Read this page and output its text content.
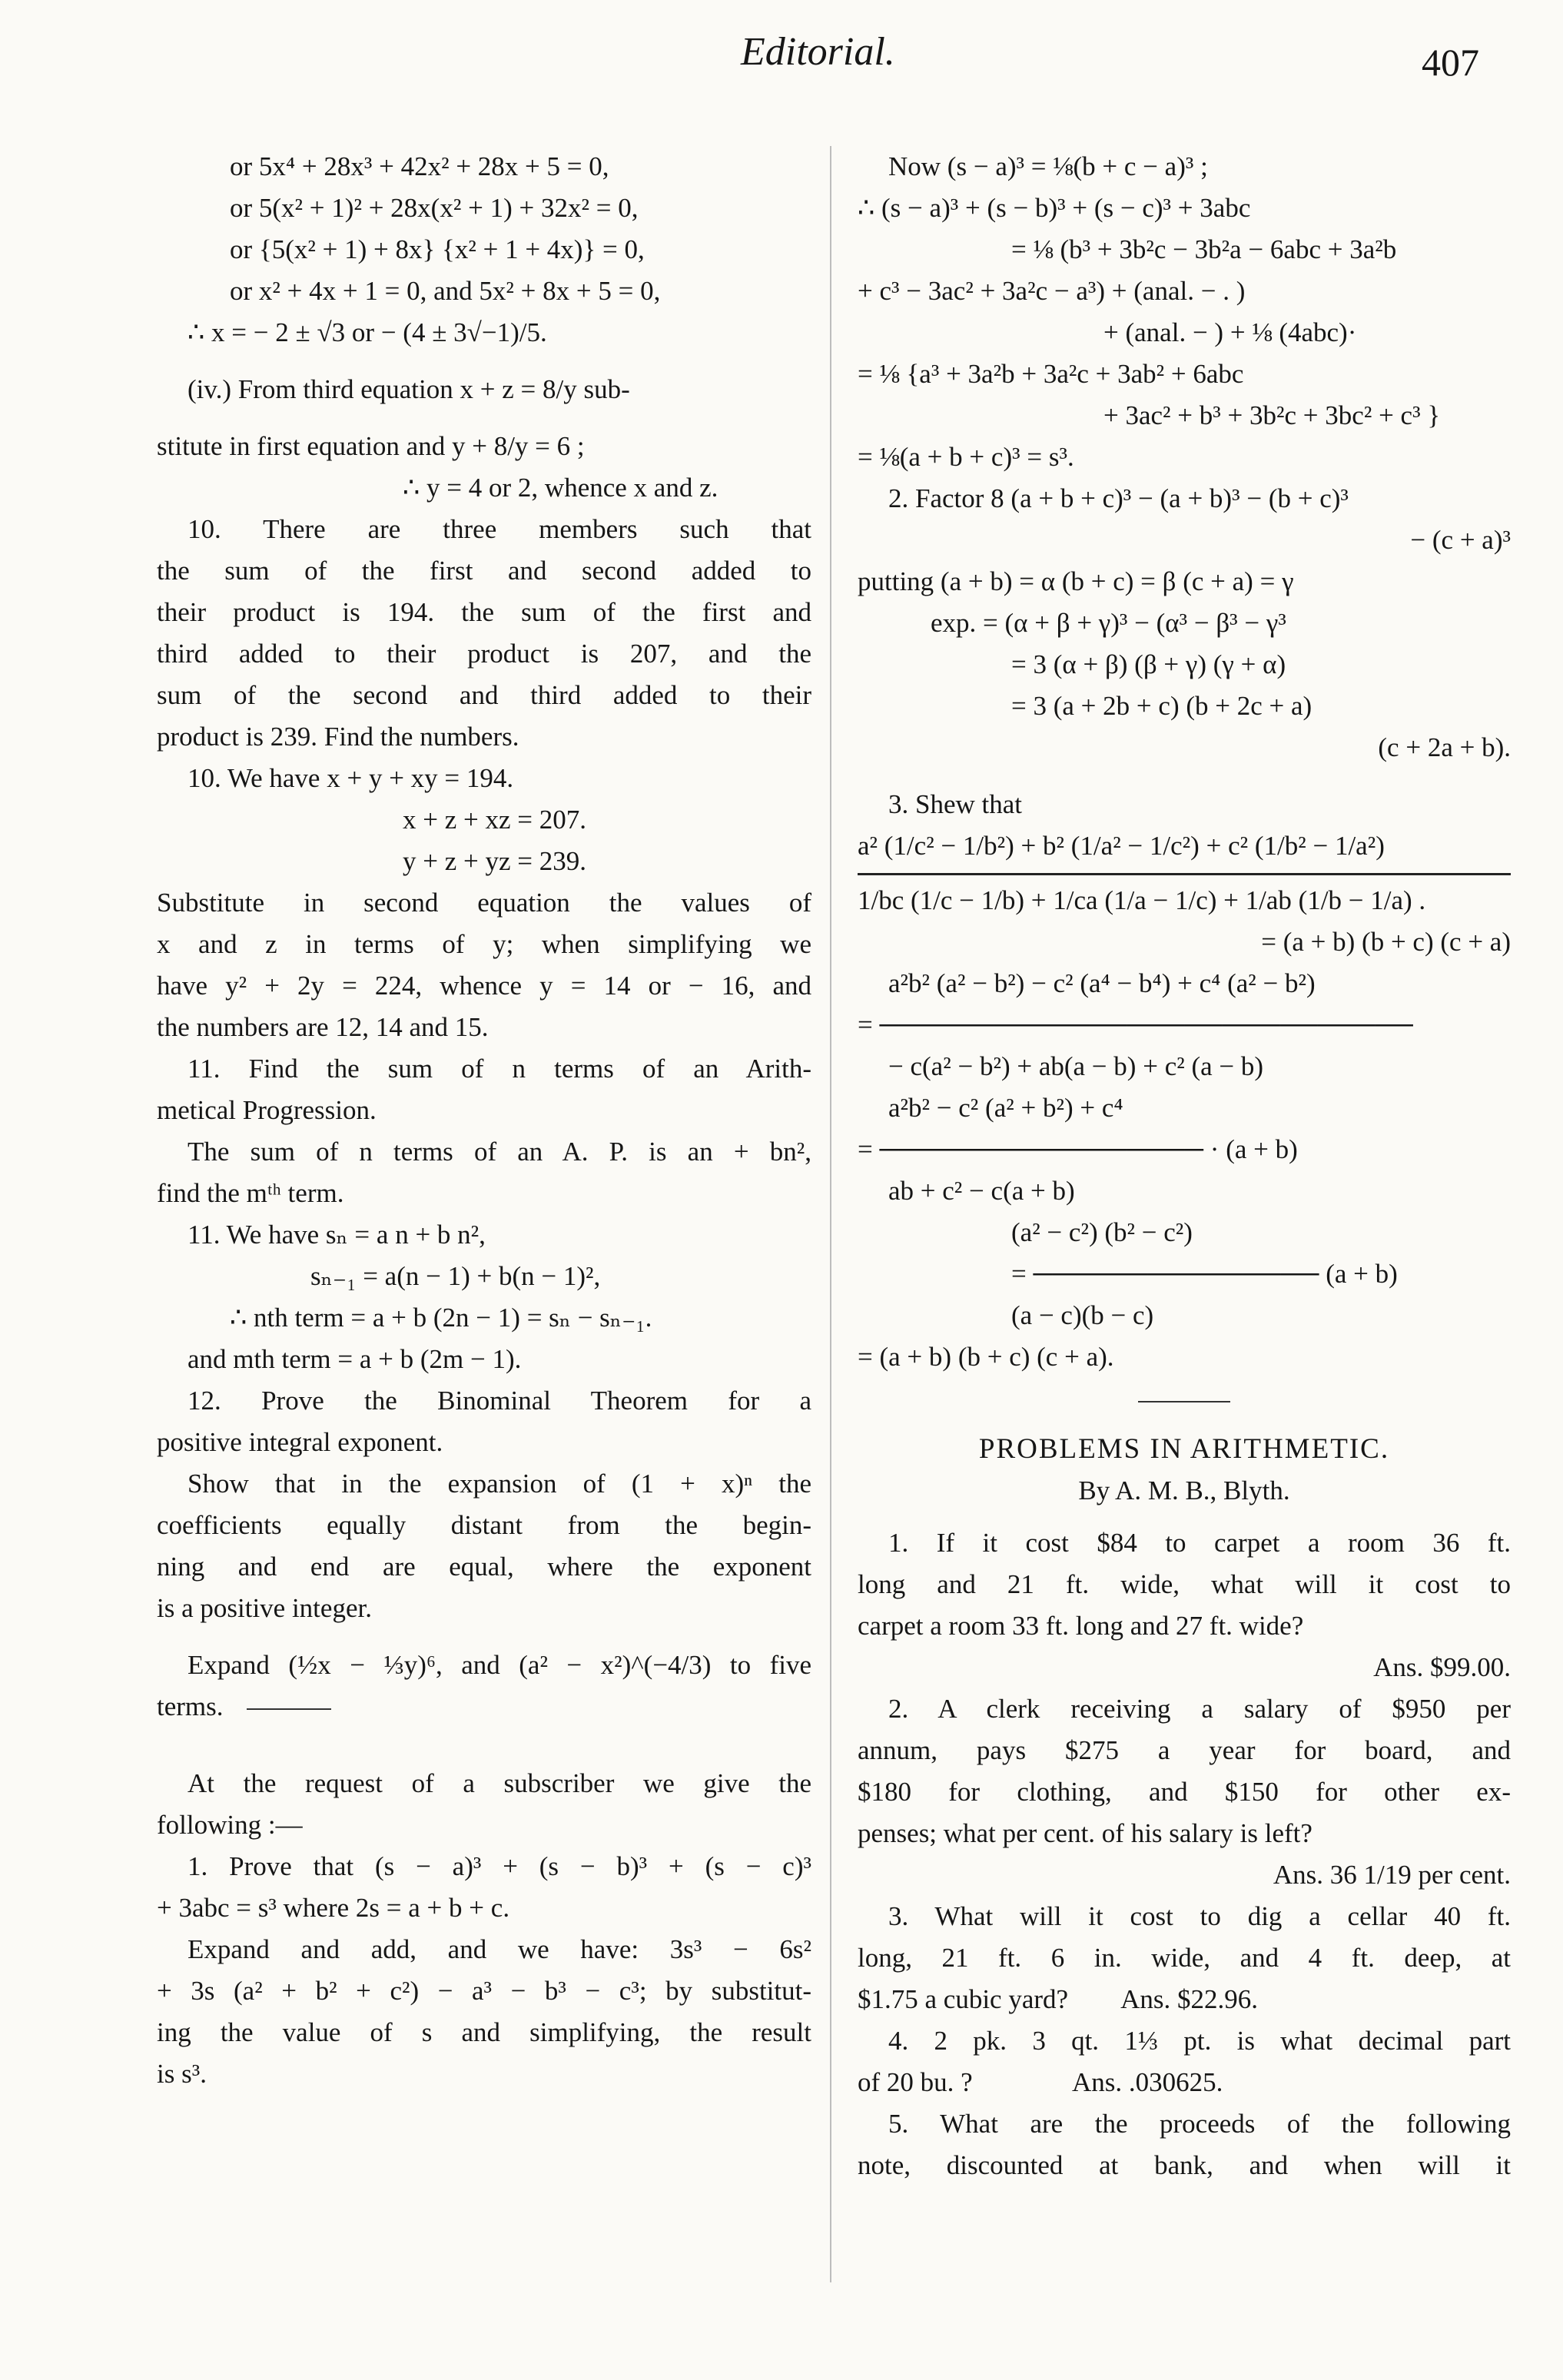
Editorial.	407
or 5x⁴ + 28x³ + 42x² + 28x + 5 = 0,
or 5(x² + 1)² + 28x(x² + 1) + 32x² = 0,
or {5(x² + 1) + 8x} {x² + 1 + 4x)} = 0,
or x² + 4x + 1 = 0, and 5x² + 8x + 5 = 0,
∴ x = − 2 ± √3 or − (4 ± 3√−1)/5.
(iv.) From third equation x + z = 8/y sub-
stitute in first equation and y + 8/y = 6 ;
∴ y = 4 or 2, whence x and z.
10. There are three members such that
the sum of the first and second added to
their product is 194. the sum of the first and
third added to their product is 207, and the
sum of the second and third added to their
product is 239. Find the numbers.
10. We have x + y + xy = 194.
x + z + xz = 207.
y + z + yz = 239.
Substitute in second equation the values of
x and z in terms of y; when simplifying we
have y² + 2y = 224, whence y = 14 or − 16, and
the numbers are 12, 14 and 15.
11. Find the sum of n terms of an Arith-
metical Progression.
The sum of n terms of an A. P. is an + bn²,
find the mᵗʰ term.
11. We have sₙ = a n + b n²,
sₙ₋₁ = a(n − 1) + b(n − 1)²,
∴ nth term = a + b (2n − 1) = sₙ − sₙ₋₁.
and mth term = a + b (2m − 1).
12. Prove the Binominal Theorem for a
positive integral exponent.
Show that in the expansion of (1 + x)ⁿ the
coefficients equally distant from the begin-
ning and end are equal, where the exponent
is a positive integer.
Expand (½x − ⅓y)⁶, and (a² − x²)^(−4/3) to five
terms.
At the request of a subscriber we give the
following :—
1. Prove that (s − a)³ + (s − b)³ + (s − c)³
+ 3abc = s³ where 2s = a + b + c.
Expand and add, and we have: 3s³ − 6s²
+ 3s (a² + b² + c²) − a³ − b³ − c³; by substitut-
ing the value of s and simplifying, the result
is s³.
Now (s − a)³ = ⅛(b + c − a)³ ;
∴ (s − a)³ + (s − b)³ + (s − c)³ + 3abc
= ⅛ (b³ + 3b²c − 3b²a − 6abc + 3a²b
+ c³ − 3ac² + 3a²c − a³) + (anal. − . )
+ (anal. − ) + ⅛ (4abc)·
= ⅛ {a³ + 3a²b + 3a²c + 3ab² + 6abc
+ 3ac² + b³ + 3b²c + 3bc² + c³ }
= ⅛(a + b + c)³ = s³.
2. Factor 8 (a + b + c)³ − (a + b)³ − (b + c)³
− (c + a)³
putting (a + b) = α (b + c) = β (c + a) = γ
exp. = (α + β + γ)³ − (α³ − β³ − γ³
= 3 (α + β) (β + γ) (γ + α)
= 3 (a + 2b + c) (b + 2c + a)
(c + 2a + b).
3. Shew that
a² (1/c² − 1/b²) + b² (1/a² − 1/c²) + c² (1/b² − 1/a²)
1/bc (1/c − 1/b) + 1/ca (1/a − 1/c) + 1/ab (1/b − 1/a) .
= (a + b) (b + c) (c + a)
a²b² (a² − b²) − c² (a⁴ − b⁴) + c⁴ (a² − b²)
= ────────────────────────────
− c(a² − b²) + ab(a − b) + c² (a − b)
a²b² − c² (a² + b²) + c⁴
= ───────────────── · (a + b)
ab + c² − c(a + b)
(a² − c²) (b² − c²)
= ─────────────── (a + b)
(a − c)(b − c)
= (a + b) (b + c) (c + a).
PROBLEMS IN ARITHMETIC.
By A. M. B., Blyth.
1. If it cost $84 to carpet a room 36 ft.
long and 21 ft. wide, what will it cost to
carpet a room 33 ft. long and 27 ft. wide?
Ans. $99.00.
2. A clerk receiving a salary of $950 per
annum, pays $275 a year for board, and
$180 for clothing, and $150 for other ex-
penses; what per cent. of his salary is left?
Ans. 36 1/19 per cent.
3. What will it cost to dig a cellar 40 ft.
long, 21 ft. 6 in. wide, and 4 ft. deep, at
$1.75 a cubic yard?        Ans. $22.96.
4. 2 pk. 3 qt. 1⅓ pt. is what decimal part
of 20 bu. ?               Ans. .030625.
5. What are the proceeds of the following
note, discounted at bank, and when will it
